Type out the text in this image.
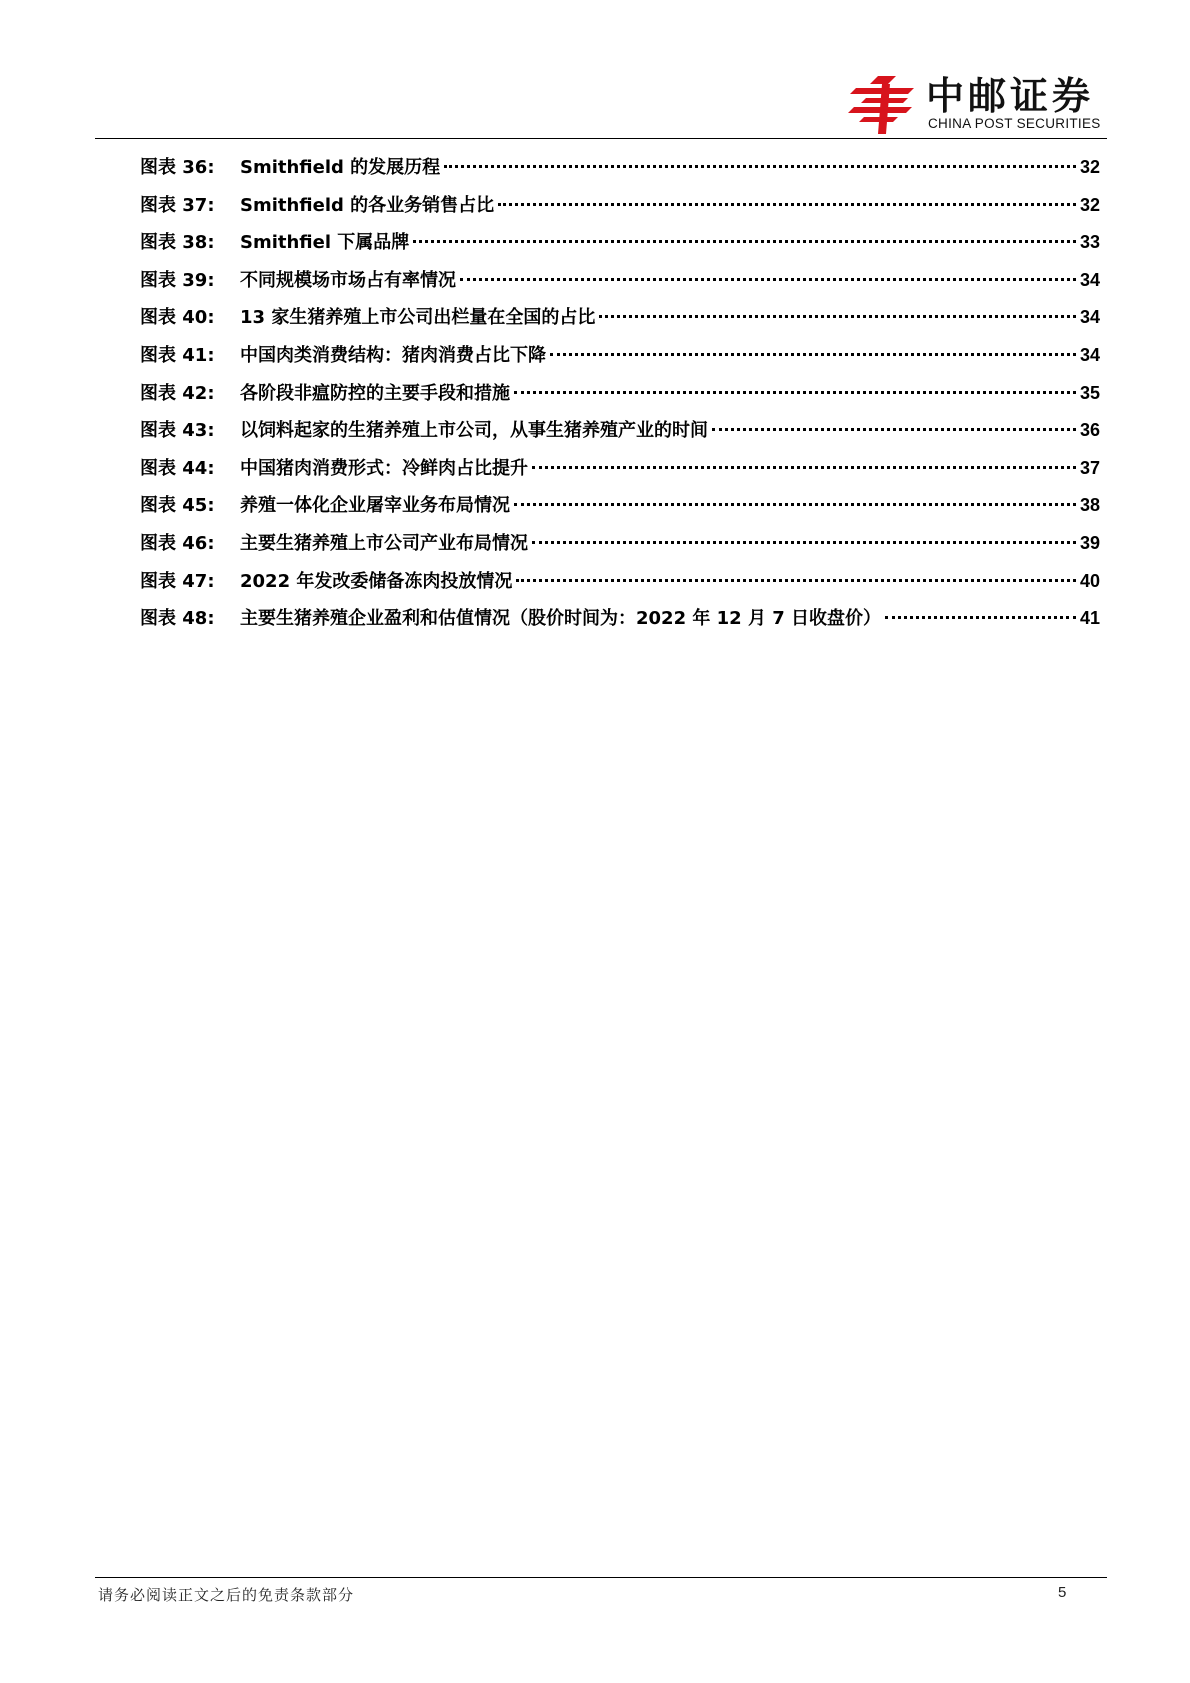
中邮证券
CHINA POST SECURITIES
图表 36:	Smithfield 的发展历程	32
图表 37:	Smithfield 的各业务销售占比	32
图表 38:	Smithfiel 下属品牌	33
图表 39:	不同规模场市场占有率情况	34
图表 40:	13 家生猪养殖上市公司出栏量在全国的占比	34
图表 41:	中国肉类消费结构：猪肉消费占比下降	34
图表 42:	各阶段非瘟防控的主要手段和措施	35
图表 43:	以饲料起家的生猪养殖上市公司，从事生猪养殖产业的时间	36
图表 44:	中国猪肉消费形式：冷鲜肉占比提升	37
图表 45:	养殖一体化企业屠宰业务布局情况	38
图表 46:	主要生猪养殖上市公司产业布局情况	39
图表 47:	2022 年发改委储备冻肉投放情况	40
图表 48:	主要生猪养殖企业盈利和估值情况（股价时间为：2022 年 12 月 7 日收盘价）	41
请务必阅读正文之后的免责条款部分	5
